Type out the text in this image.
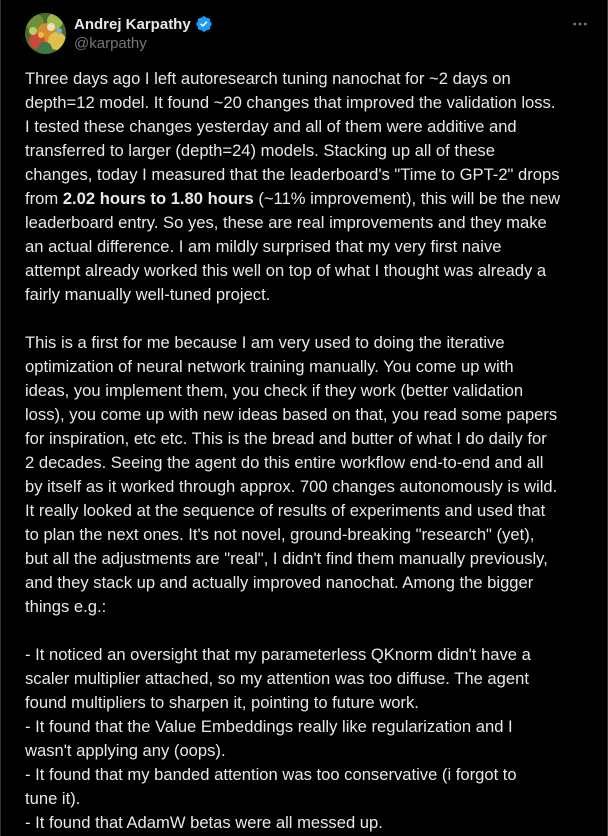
Andrej Karpathy
@karpathy

Three days ago I left autoresearch tuning nanochat for ~2 days on
depth=12 model. It found ~20 changes that improved the validation loss.
I tested these changes yesterday and all of them were additive and
transferred to larger (depth=24) models. Stacking up all of these
changes, today I measured that the leaderboard's "Time to GPT-2" drops
from 2.02 hours to 1.80 hours (~11% improvement), this will be the new
leaderboard entry. So yes, these are real improvements and they make
an actual difference. I am mildly surprised that my very first naive
attempt already worked this well on top of what I thought was already a
fairly manually well-tuned project.

This is a first for me because I am very used to doing the iterative
optimization of neural network training manually. You come up with
ideas, you implement them, you check if they work (better validation
loss), you come up with new ideas based on that, you read some papers
for inspiration, etc etc. This is the bread and butter of what I do daily for
2 decades. Seeing the agent do this entire workflow end-to-end and all
by itself as it worked through approx. 700 changes autonomously is wild.
It really looked at the sequence of results of experiments and used that
to plan the next ones. It's not novel, ground-breaking "research" (yet),
but all the adjustments are "real", I didn't find them manually previously,
and they stack up and actually improved nanochat. Among the bigger
things e.g.:

- It noticed an oversight that my parameterless QKnorm didn't have a
scaler multiplier attached, so my attention was too diffuse. The agent
found multipliers to sharpen it, pointing to future work.
- It found that the Value Embeddings really like regularization and I
wasn't applying any (oops).
- It found that my banded attention was too conservative (i forgot to
tune it).
- It found that AdamW betas were all messed up.
